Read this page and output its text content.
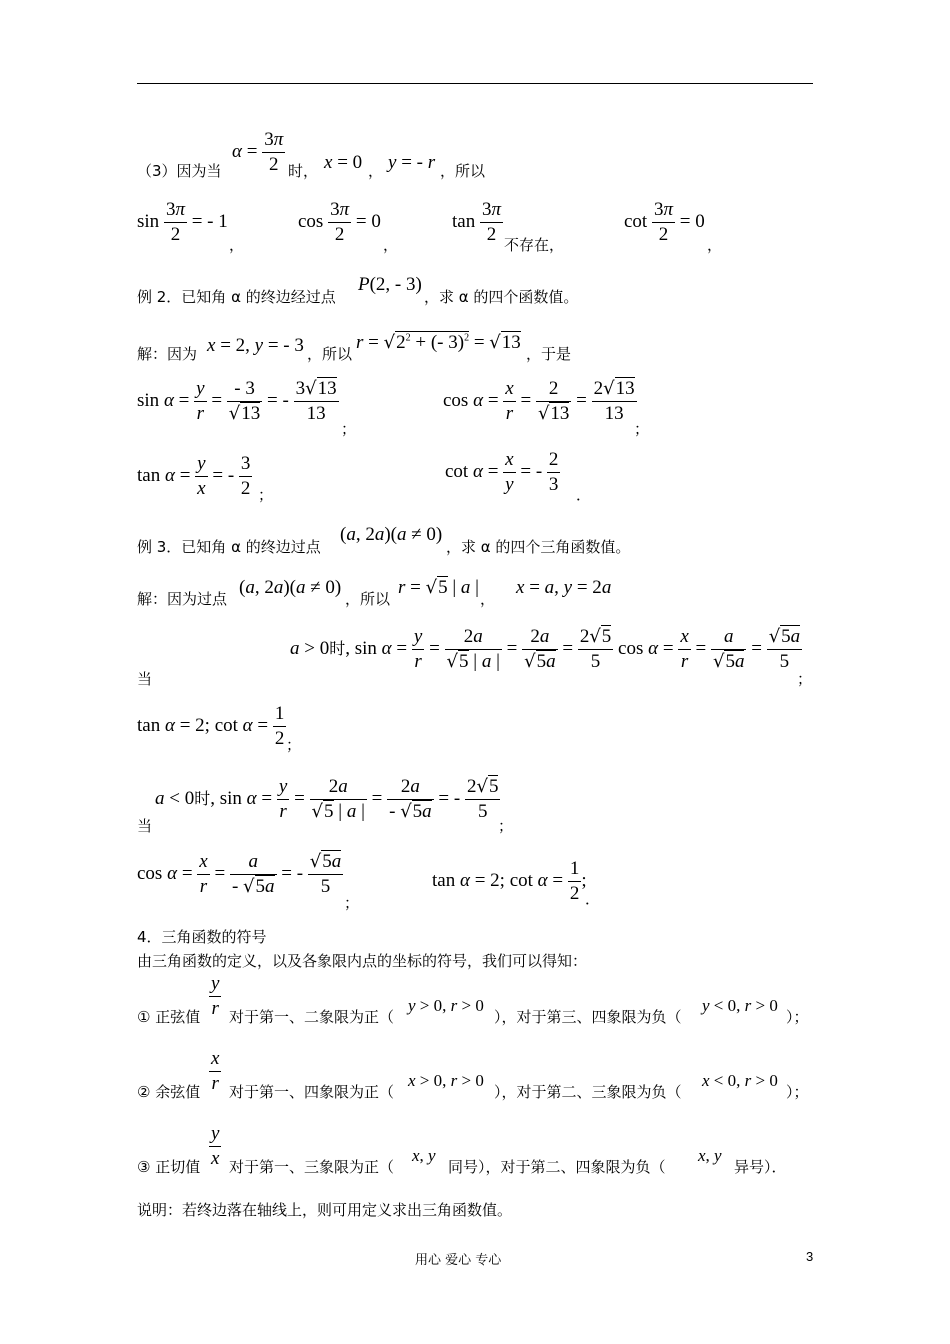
（3）因为当
$\alpha = \frac{3\pi}{2}$ 时， x = 0 ， y = - r ，所以
$\sin \frac{3\pi}{2}$ = - 1
，
$\cos \frac{3\pi}{2} = 0$
，
$\tan \frac{3\pi}{2}$ 不存在，
$\cot \frac{3\pi}{2} = 0$
，
例 2．已知角 α 的终边经过点
P(2, - 3)
，求 α 的四个函数值。
解：因为 x = 2, y = - 3 ，所以
$r = √2^2$ + (- 3)$^2$ = √13
，于是
$\sin \alpha = \frac{y}{r} = \frac{- 3}{√13}$ = - $\frac{3√13}{13}$
；
$\cos \alpha = \frac{x}{r} = \frac{2}{√13} = \frac{2√13}{13}$
；
$\tan \alpha = \frac{y}{x}$ = - $\frac{3}{2}$ ；
$\cot \alpha = \frac{x}{y}$ = - $\frac{2}{3}$ ．
例 3．已知角 α 的终边过点
(a, 2a)(a ≠ 0)
，求 α 的四个三角函数值。
解：因为过点
(a, 2a)(a ≠ 0)
，所以
r = √5 | a |
，
x = a, y = 2a
当
a > 0时, $\sin \alpha = \frac{y}{r} = \frac{2a}{√5 | a |} = \frac{2a}{√5a} = \frac{2√5}{5}$ $\cos \alpha = \frac{x}{r} = \frac{a}{√5a} = \frac{√5a}{5}$
；
tan α = 2; $\cot \alpha = \frac{1}{2}$ ；
当
a < 0时, $\sin \alpha = \frac{y}{r} = \frac{2a}{√5 | a |} = \frac{2a}{- √5a}$ = - $\frac{2√5}{5}$
；
$\cos \alpha = \frac{x}{r} = \frac{a}{- √5a}$ = - $\frac{√5a}{5}$
；
tan α = 2; $\cot \alpha = \frac{1}{2}$ ;
．
4．三角函数的符号
由三角函数的定义，以及各象限内点的坐标的符号，我们可以得知：
① 正弦值 $\frac{y}{r}$ 对于第一、二象限为正（
y > 0, r > 0
），对于第三、四象限为负（
y < 0, r > 0
）；
② 余弦值 $\frac{x}{r}$ 对于第一、四象限为正（
x > 0, r > 0
），对于第二、三象限为负（
x < 0, r > 0
）；
③ 正切值 $\frac{y}{x}$ 对于第一、三象限为正（
x, y
同号），对于第二、四象限为负（
x, y
异号）．
说明：若终边落在轴线上，则可用定义求出三角函数值。
用心 爱心 专心	3
